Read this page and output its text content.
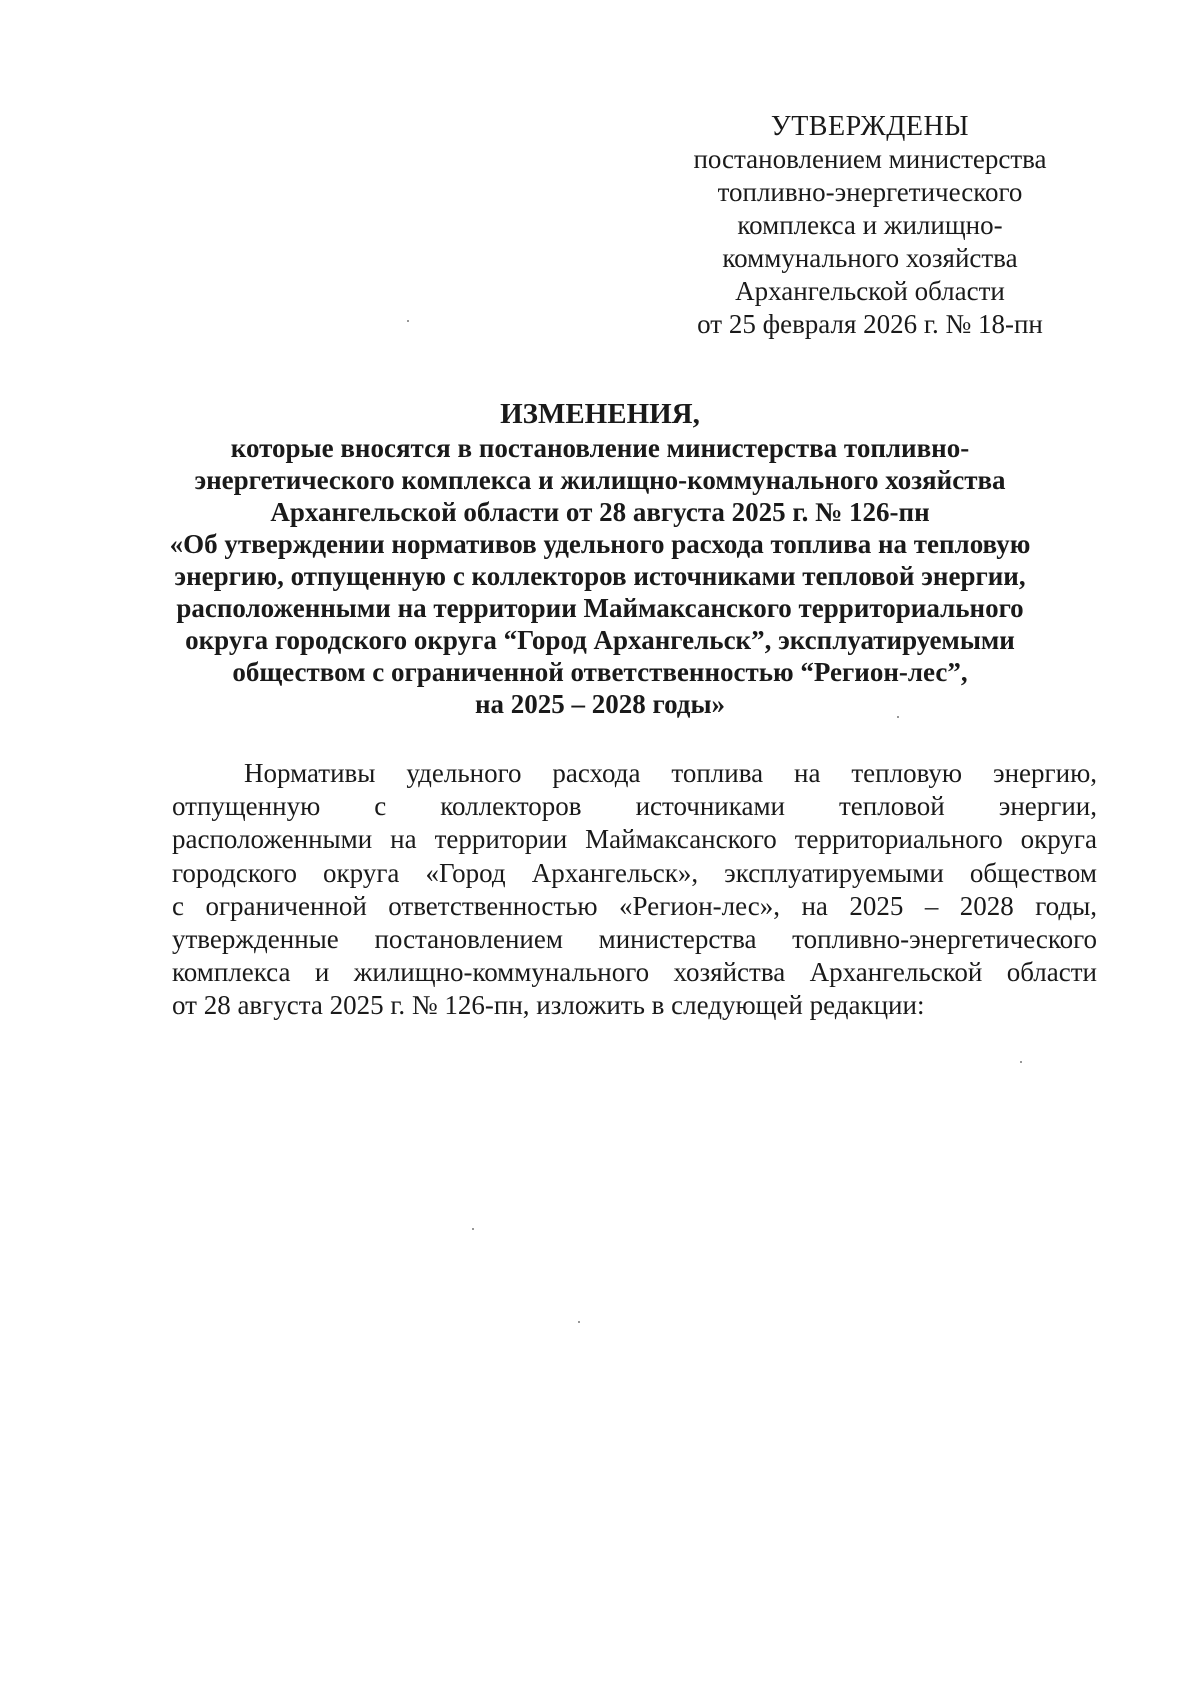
УТВЕРЖДЕНЫ
постановлением министерства
топливно-энергетического
комплекса и жилищно-
коммунального хозяйства
Архангельской области
от 25 февраля 2026 г. № 18-пн
ИЗМЕНЕНИЯ,
которые вносятся в постановление министерства топливно-
энергетического комплекса и жилищно-коммунального хозяйства
Архангельской области от 28 августа 2025 г. № 126-пн
«Об утверждении нормативов удельного расхода топлива на тепловую
энергию, отпущенную с коллекторов источниками тепловой энергии,
расположенными на территории Маймаксанского территориального
округа городского округа “Город Архангельск”, эксплуатируемыми
обществом с ограниченной ответственностью “Регион-лес”,
на 2025 – 2028 годы»
Нормативы удельного расхода топлива на тепловую энергию,
отпущенную с коллекторов источниками тепловой энергии,
расположенными на территории Маймаксанского территориального округа
городского округа «Город Архангельск», эксплуатируемыми обществом
с ограниченной ответственностью «Регион-лес», на 2025 – 2028 годы,
утвержденные постановлением министерства топливно-энергетического
комплекса и жилищно-коммунального хозяйства Архангельской области
от 28 августа 2025 г. № 126-пн, изложить в следующей редакции:
